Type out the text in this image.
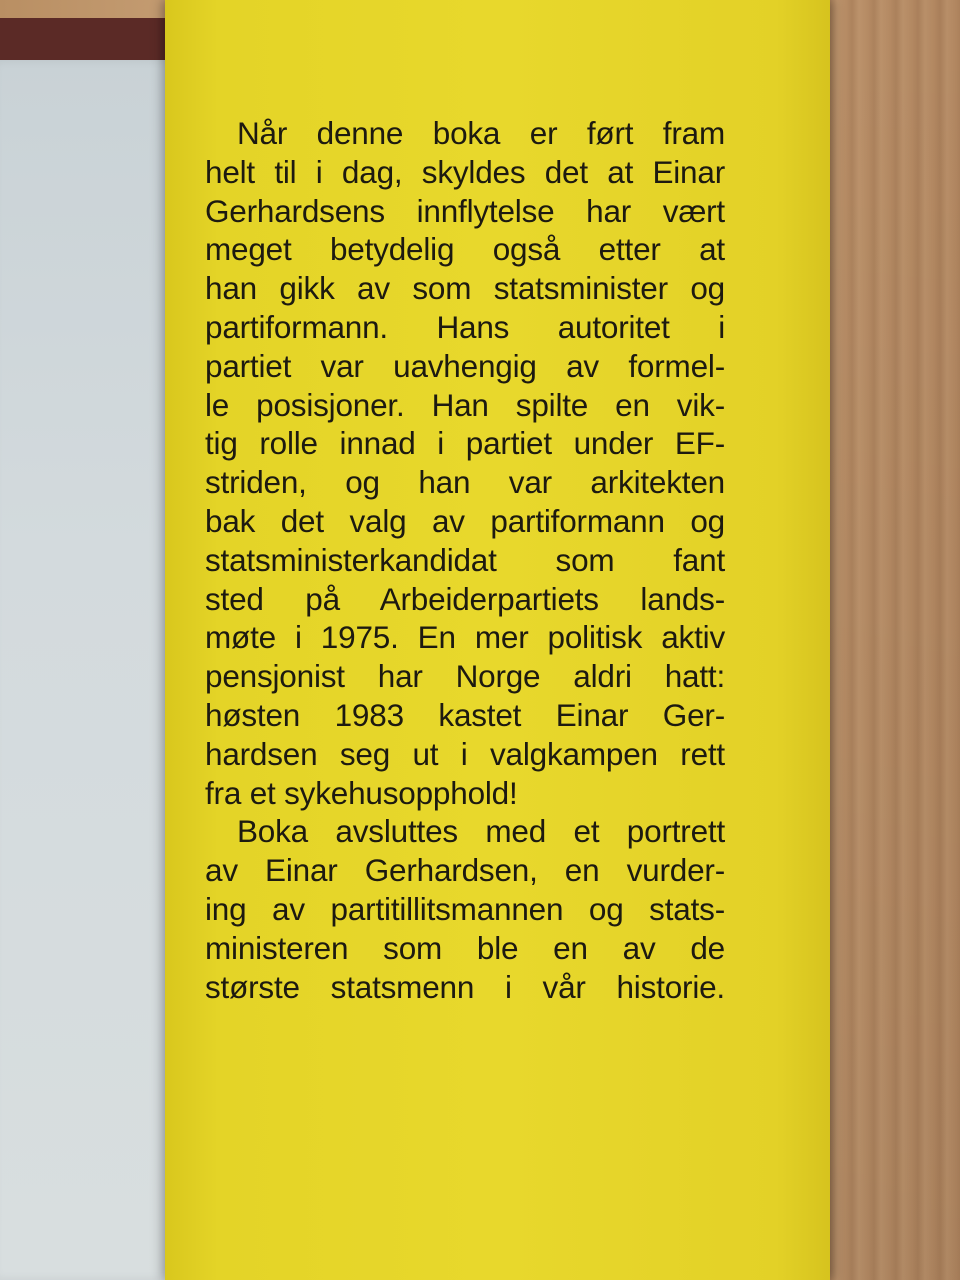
Når denne boka er ført fram
helt til i dag, skyldes det at Einar
Gerhardsens innflytelse har vært
meget betydelig også etter at
han gikk av som statsminister og
partiformann. Hans autoritet i
partiet var uavhengig av formel-
le posisjoner. Han spilte en vik-
tig rolle innad i partiet under EF-
striden, og han var arkitekten
bak det valg av partiformann og
statsministerkandidat som fant
sted på Arbeiderpartiets lands-
møte i 1975. En mer politisk aktiv
pensjonist har Norge aldri hatt:
høsten 1983 kastet Einar Ger-
hardsen seg ut i valgkampen rett
fra et sykehusopphold!
Boka avsluttes med et portrett
av Einar Gerhardsen, en vurder-
ing av partitillitsmannen og stats-
ministeren som ble en av de
største statsmenn i vår historie.
